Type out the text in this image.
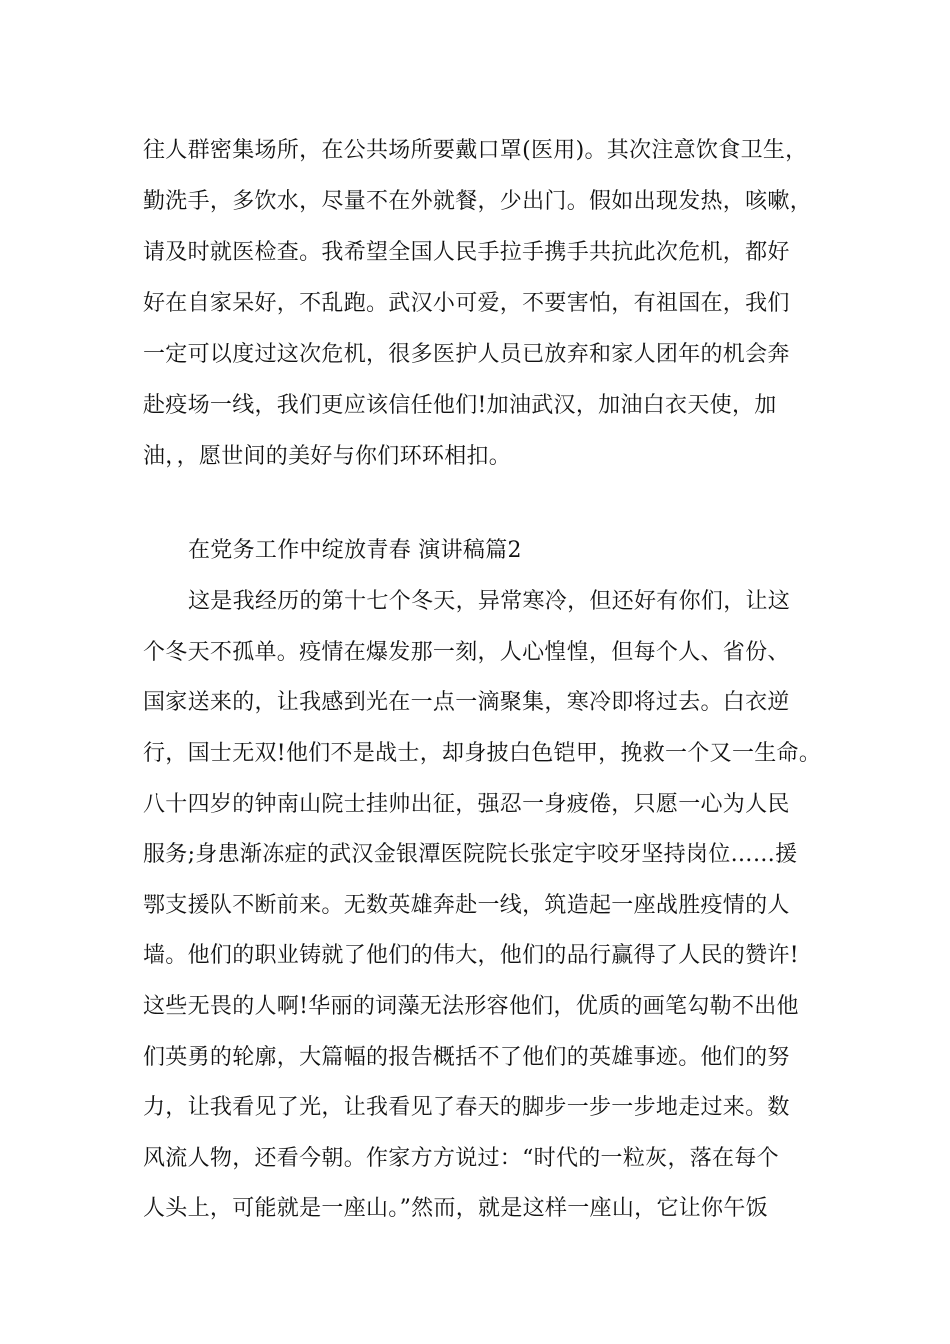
往人群密集场所，在公共场所要戴口罩(医用)。其次注意饮食卫生，
勤洗手，多饮水，尽量不在外就餐，少出门。假如出现发热，咳嗽，
请及时就医检查。我希望全国人民手拉手携手共抗此次危机，都好
好在自家呆好，不乱跑。武汉小可爱，不要害怕，有祖国在，我们
一定可以度过这次危机，很多医护人员已放弃和家人团年的机会奔
赴疫场一线，我们更应该信任他们!加油武汉，加油白衣天使，加
油，，愿世间的美好与你们环环相扣。
在党务工作中绽放青春 演讲稿篇2
这是我经历的第十七个冬天，异常寒冷，但还好有你们，让这
个冬天不孤单。疫情在爆发那一刻，人心惶惶，但每个人、省份、
国家送来的，让我感到光在一点一滴聚集，寒冷即将过去。白衣逆
行，国士无双!他们不是战士，却身披白色铠甲，挽救一个又一生命。
八十四岁的钟南山院士挂帅出征，强忍一身疲倦，只愿一心为人民
服务;身患渐冻症的武汉金银潭医院院长张定宇咬牙坚持岗位……援
鄂支援队不断前来。无数英雄奔赴一线，筑造起一座战胜疫情的人
墙。他们的职业铸就了他们的伟大，他们的品行赢得了人民的赞许!
这些无畏的人啊!华丽的词藻无法形容他们，优质的画笔勾勒不出他
们英勇的轮廓，大篇幅的报告概括不了他们的英雄事迹。他们的努
力，让我看见了光，让我看见了春天的脚步一步一步地走过来。数
风流人物，还看今朝。作家方方说过：“时代的一粒灰，落在每个
人头上，可能就是一座山。”然而，就是这样一座山，它让你午饭
